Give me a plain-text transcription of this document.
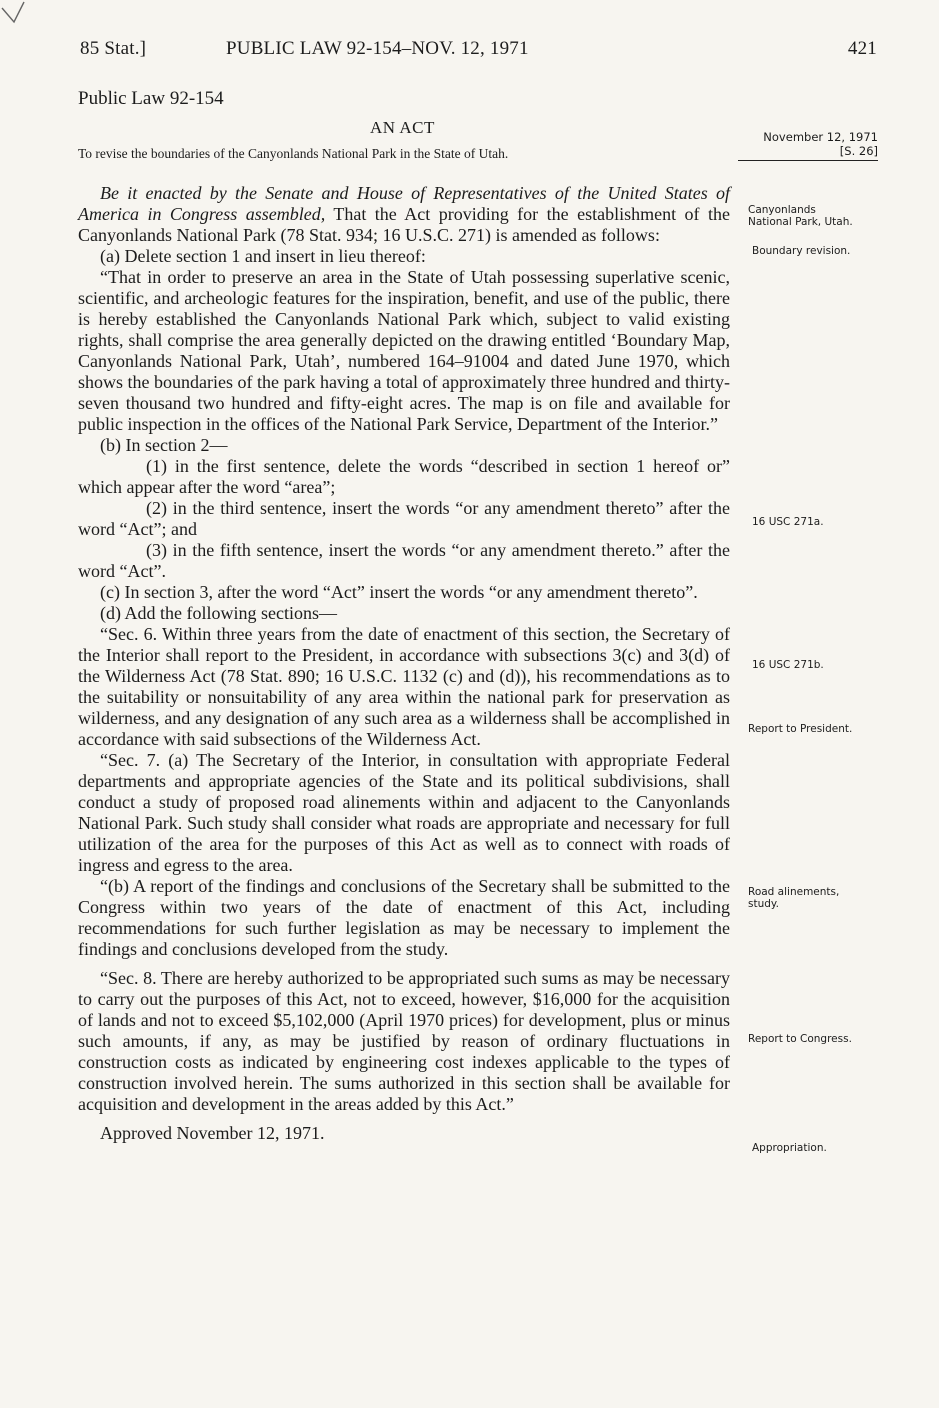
85 Stat.]	PUBLIC LAW 92-154–NOV. 12, 1971	421
Public Law 92-154
AN ACT
To revise the boundaries of the Canyonlands National Park in the State of Utah.
November 12, 1971
[S. 26]

Be it enacted by the Senate and House of Representatives of the United States of America in Congress assembled, That the Act providing for the establishment of the Canyonlands National Park (78 Stat. 934; 16 U.S.C. 271) is amended as follows:

(a) Delete section 1 and insert in lieu thereof:

“That in order to preserve an area in the State of Utah possessing superlative scenic, scientific, and archeologic features for the inspiration, benefit, and use of the public, there is hereby established the Canyonlands National Park which, subject to valid existing rights, shall comprise the area generally depicted on the drawing entitled ‘Boundary Map, Canyonlands National Park, Utah’, numbered 164–91004 and dated June 1970, which shows the boundaries of the park having a total of approximately three hundred and thirty-seven thousand two hundred and fifty-eight acres. The map is on file and available for public inspection in the offices of the National Park Service, Department of the Interior.”

(b) In section 2—

(1) in the first sentence, delete the words “described in section 1 hereof or” which appear after the word “area”;

(2) in the third sentence, insert the words “or any amendment thereto” after the word “Act”; and

(3) in the fifth sentence, insert the words “or any amendment thereto.” after the word “Act”.

(c) In section 3, after the word “Act” insert the words “or any amendment thereto”.

(d) Add the following sections—

“Sec. 6. Within three years from the date of enactment of this section, the Secretary of the Interior shall report to the President, in accordance with subsections 3(c) and 3(d) of the Wilderness Act (78 Stat. 890; 16 U.S.C. 1132 (c) and (d)), his recommendations as to the suitability or nonsuitability of any area within the national park for preservation as wilderness, and any designation of any such area as a wilderness shall be accomplished in accordance with said subsections of the Wilderness Act.

“Sec. 7. (a) The Secretary of the Interior, in consultation with appropriate Federal departments and appropriate agencies of the State and its political subdivisions, shall conduct a study of proposed road alinements within and adjacent to the Canyonlands National Park. Such study shall consider what roads are appropriate and necessary for full utilization of the area for the purposes of this Act as well as to connect with roads of ingress and egress to the area.

“(b) A report of the findings and conclusions of the Secretary shall be submitted to the Congress within two years of the date of enactment of this Act, including recommendations for such further legislation as may be necessary to implement the findings and conclusions developed from the study.

“Sec. 8. There are hereby authorized to be appropriated such sums as may be necessary to carry out the purposes of this Act, not to exceed, however, $16,000 for the acquisition of lands and not to exceed $5,102,000 (April 1970 prices) for development, plus or minus such amounts, if any, as may be justified by reason of ordinary fluctuations in construction costs as indicated by engineering cost indexes applicable to the types of construction involved herein. The sums authorized in this section shall be available for acquisition and development in the areas added by this Act.”

Approved November 12, 1971.

Canyonlands National Park, Utah.
Boundary revision.
16 USC 271a.
16 USC 271b.
Report to President.
Road alinements, study.
Report to Congress.
Appropriation.
